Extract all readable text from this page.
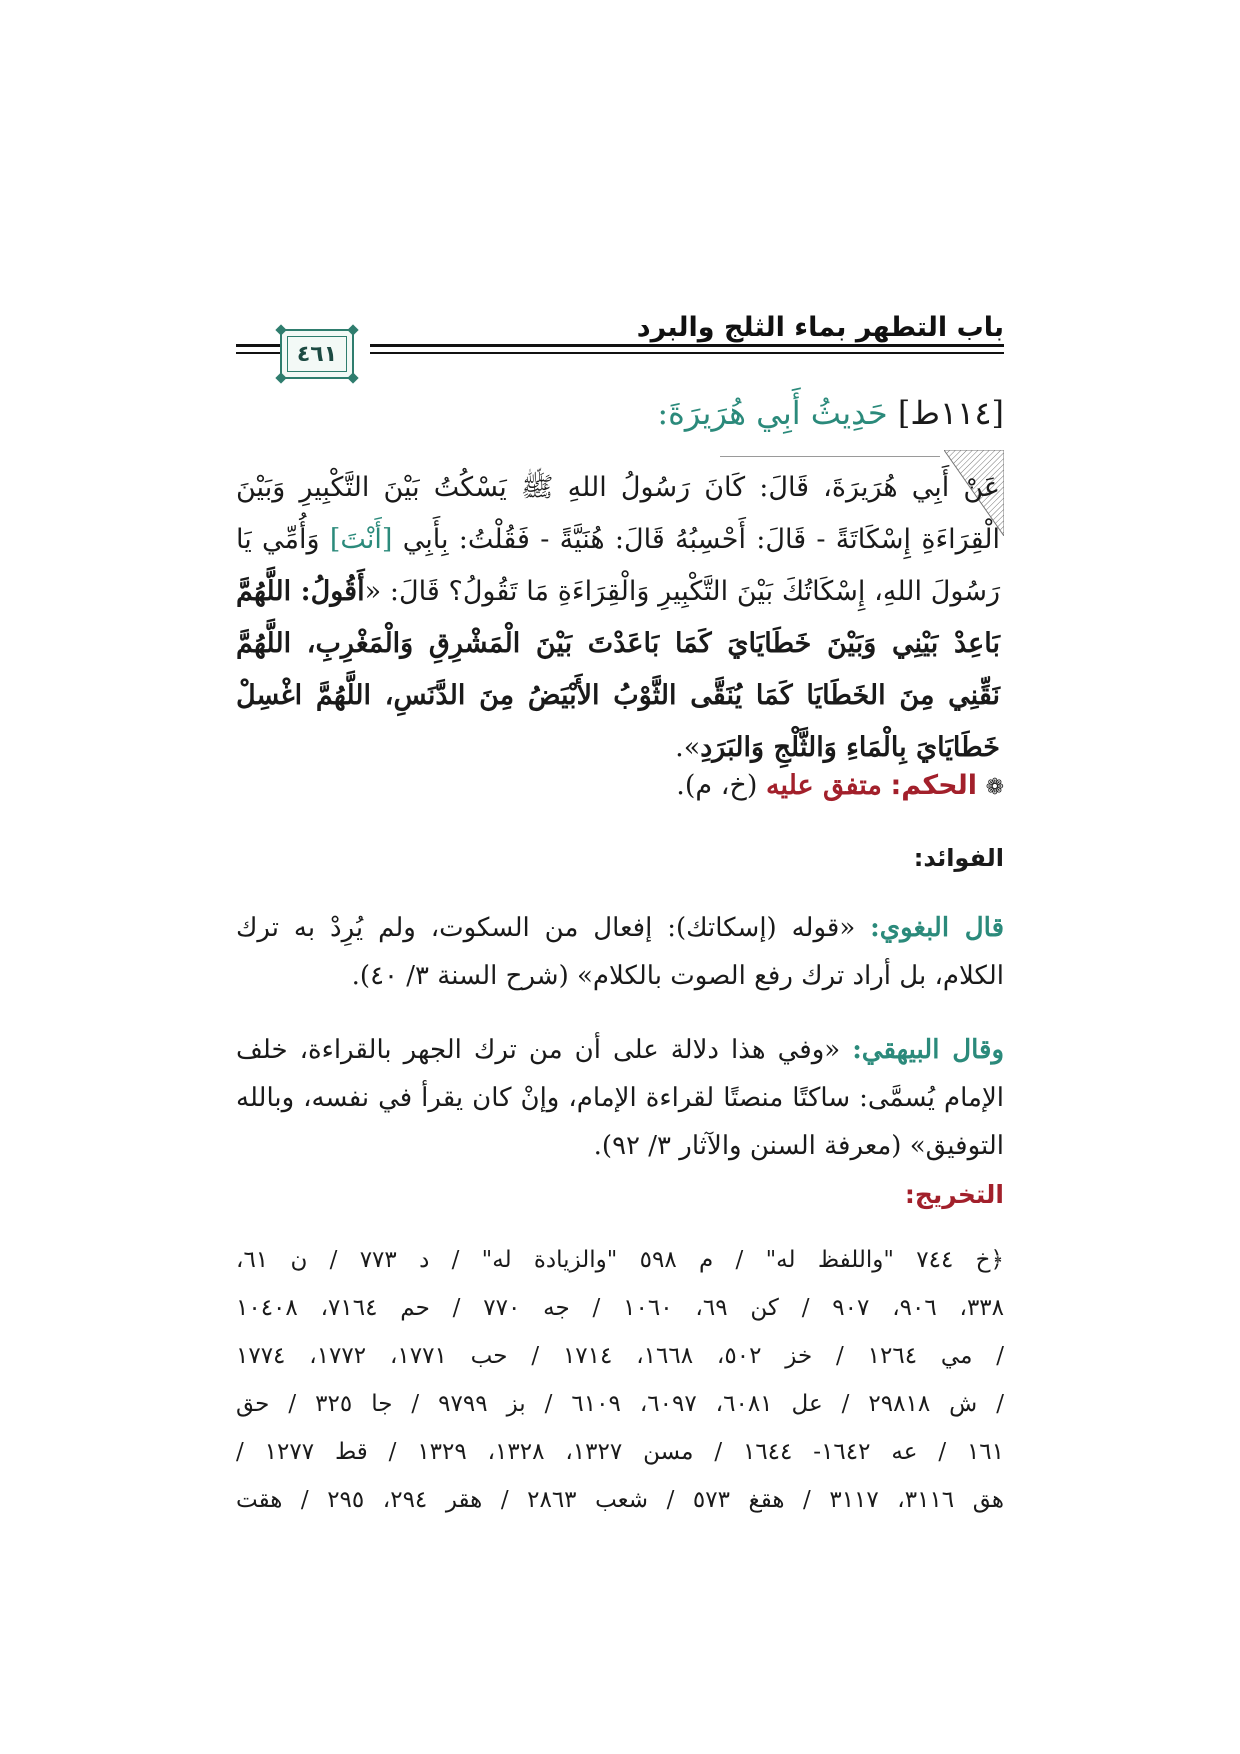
باب التطهر بماء الثلج والبرد
٤٦١
[١١٤ط] حَدِيثُ أَبِي هُرَيرَةَ:
عَنْ أَبِي هُرَيرَةَ، قَالَ: كَانَ رَسُولُ اللهِ ﷺ يَسْكُتُ بَيْنَ التَّكْبِيرِ وَبَيْنَ الْقِرَاءَةِ إِسْكَاتَةً - قَالَ: أَحْسِبُهُ قَالَ: هُنَيَّةً - فَقُلْتُ: بِأَبِي [أَنْتَ] وَأُمِّي يَا رَسُولَ اللهِ، إِسْكَاتُكَ بَيْنَ التَّكْبِيرِ وَالْقِرَاءَةِ مَا تَقُولُ؟ قَالَ: «أَقُولُ: اللَّهُمَّ بَاعِدْ بَيْنِي وَبَيْنَ خَطَايَايَ كَمَا بَاعَدْتَ بَيْنَ الْمَشْرِقِ وَالْمَغْرِبِ، اللَّهُمَّ نَقِّنِي مِنَ الخَطَايَا كَمَا يُنَقَّى الثَّوْبُ الأَبْيَضُ مِنَ الدَّنَسِ، اللَّهُمَّ اغْسِلْ خَطَايَايَ بِالْمَاءِ وَالثَّلْجِ وَالبَرَدِ».
❁ الحكم: متفق عليه (خ، م).
الفوائد:
قال البغوي: «قوله (إسكاتك): إفعال من السكوت، ولم يُرِدْ به ترك الكلام، بل أراد ترك رفع الصوت بالكلام» (شرح السنة ٣/ ٤٠).
وقال البيهقي: «وفي هذا دلالة على أن من ترك الجهر بالقراءة، خلف الإمام يُسمَّى: ساكتًا منصتًا لقراءة الإمام، وإنْ كان يقرأ في نفسه، وبالله التوفيق» (معرفة السنن والآثار ٣/ ٩٢).
التخريج:
﴿خ ٧٤٤ "واللفظ له" / م ٥٩٨ "والزيادة له" / د ٧٧٣ / ن ٦١،
٣٣٨، ٩٠٦، ٩٠٧ / كن ٦٩، ١٠٦٠ / جه ٧٧٠ / حم ٧١٦٤، ١٠٤٠٨
/ مي ١٢٦٤ / خز ٥٠٢، ١٦٦٨، ١٧١٤ / حب ١٧٧١، ١٧٧٢، ١٧٧٤
/ ش ٢٩٨١٨ / عل ٦٠٨١، ٦٠٩٧، ٦١٠٩ / بز ٩٧٩٩ / جا ٣٢٥ / حق
١٦١ / عه ١٦٤٢- ١٦٤٤ / مسن ١٣٢٧، ١٣٢٨، ١٣٢٩ / قط ١٢٧٧ /
هق ٣١١٦، ٣١١٧ / هقغ ٥٧٣ / شعب ٢٨٦٣ / هقر ٢٩٤، ٢٩٥ / هقت
